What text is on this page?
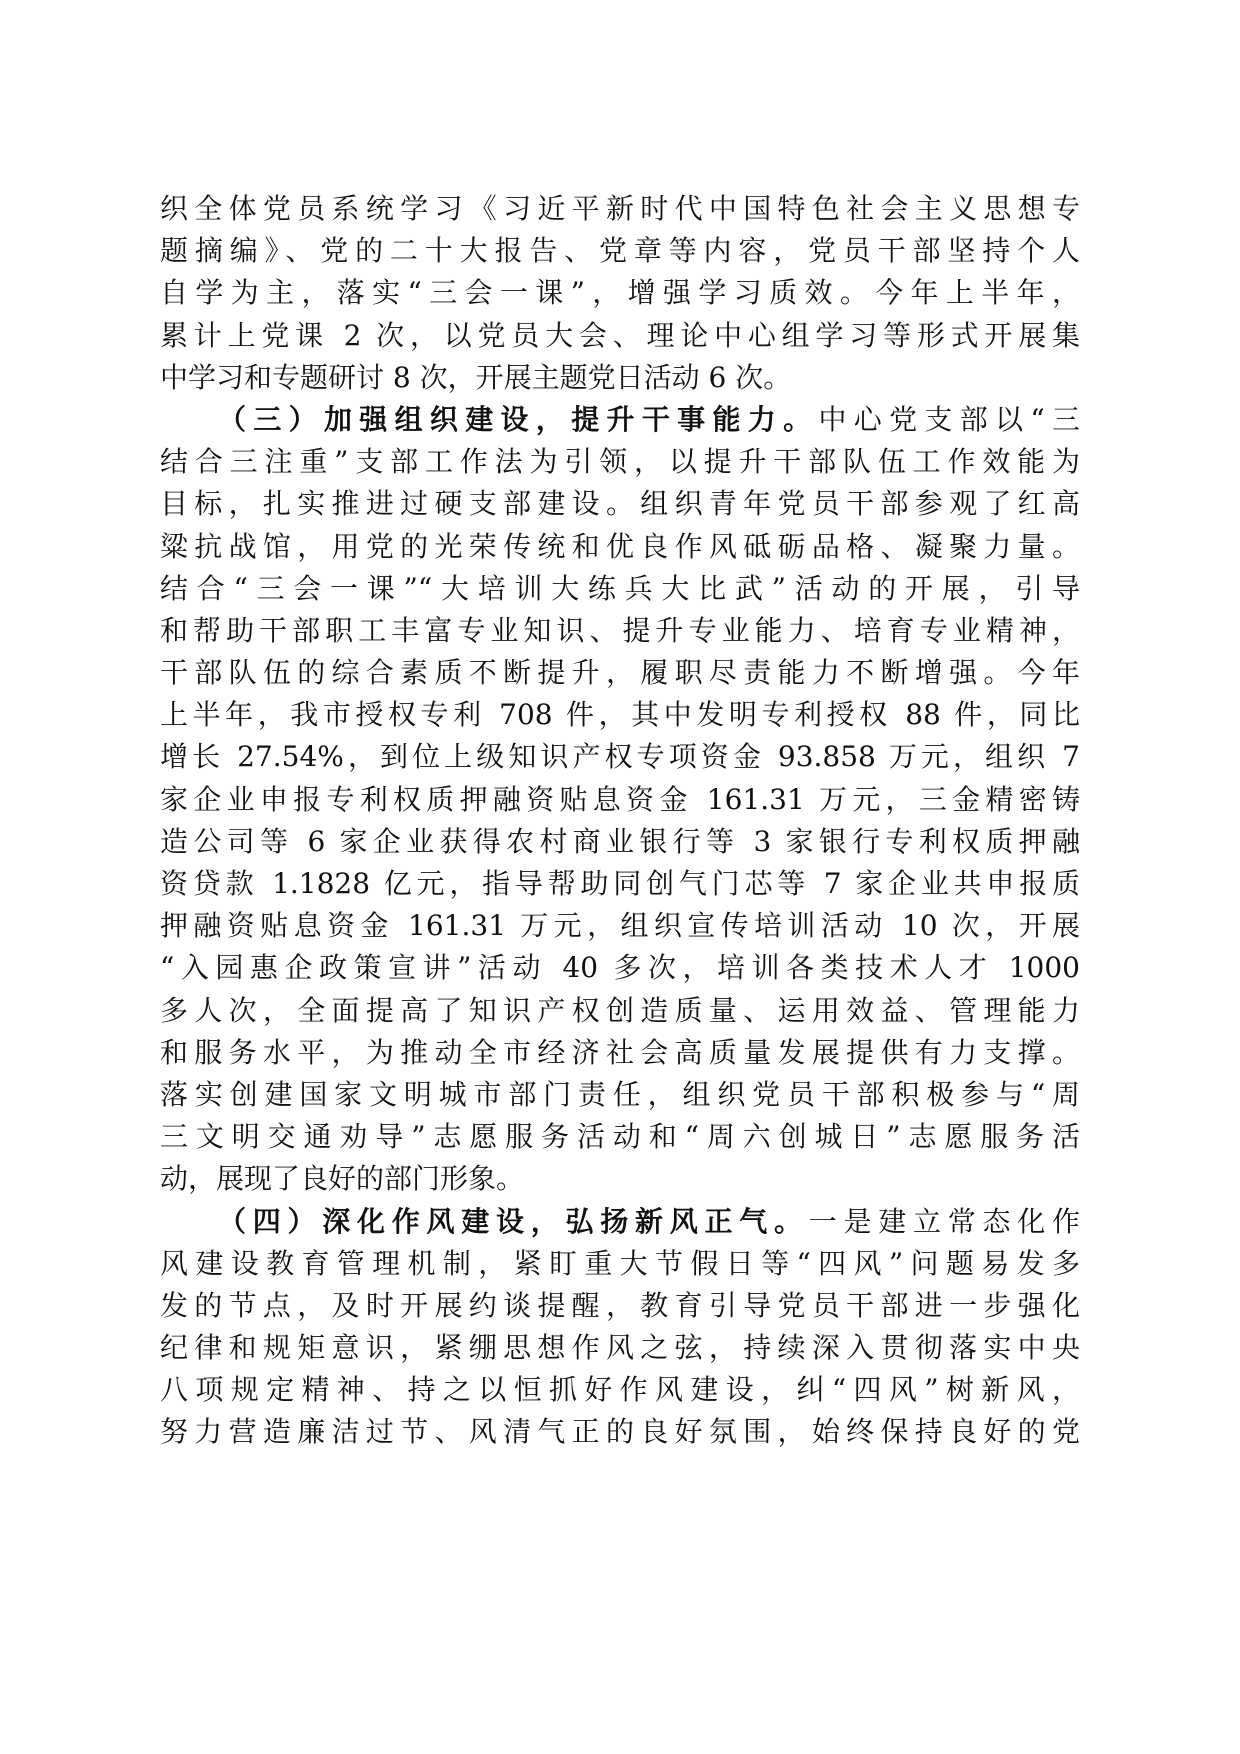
织全体党员系统学习《习近平新时代中国特色社会主义思想专
题摘编》、党的二十大报告、党章等内容，党员干部坚持个人
自学为主，落实“三会一课”，增强学习质效。今年上半年，
累计上党课 2 次，以党员大会、理论中心组学习等形式开展集
中学习和专题研讨 8 次，开展主题党日活动 6 次。
（三）加强组织建设，提升干事能力。中心党支部以“三
结合三注重”支部工作法为引领，以提升干部队伍工作效能为
目标，扎实推进过硬支部建设。组织青年党员干部参观了红高
粱抗战馆，用党的光荣传统和优良作风砥砺品格、凝聚力量。
结合“三会一课”“大培训大练兵大比武”活动的开展，引导
和帮助干部职工丰富专业知识、提升专业能力、培育专业精神，
干部队伍的综合素质不断提升，履职尽责能力不断增强。今年
上半年，我市授权专利 708 件，其中发明专利授权 88 件，同比
增长 27.54%，到位上级知识产权专项资金 93.858 万元，组织 7
家企业申报专利权质押融资贴息资金 161.31 万元，三金精密铸
造公司等 6 家企业获得农村商业银行等 3 家银行专利权质押融
资贷款 1.1828 亿元，指导帮助同创气门芯等 7 家企业共申报质
押融资贴息资金 161.31 万元，组织宣传培训活动 10 次，开展
“入园惠企政策宣讲”活动 40 多次，培训各类技术人才 1000
多人次，全面提高了知识产权创造质量、运用效益、管理能力
和服务水平，为推动全市经济社会高质量发展提供有力支撑。
落实创建国家文明城市部门责任，组织党员干部积极参与“周
三文明交通劝导”志愿服务活动和“周六创城日”志愿服务活
动，展现了良好的部门形象。
（四）深化作风建设，弘扬新风正气。一是建立常态化作
风建设教育管理机制，紧盯重大节假日等“四风”问题易发多
发的节点，及时开展约谈提醒，教育引导党员干部进一步强化
纪律和规矩意识，紧绷思想作风之弦，持续深入贯彻落实中央
八项规定精神、持之以恒抓好作风建设，纠“四风”树新风，
努力营造廉洁过节、风清气正的良好氛围，始终保持良好的党
